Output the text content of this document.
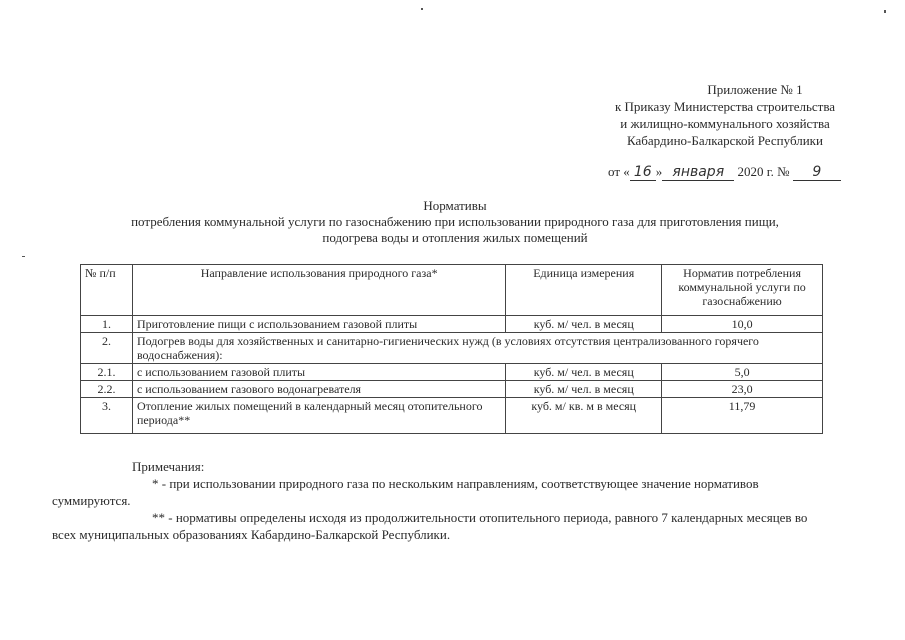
Приложение № 1
к Приказу Министерства строительства
и жилищно-коммунального хозяйства
Кабардино-Балкарской Республики
от « 16 » января 2020 г. № 9
Нормативы
потребления коммунальной услуги по газоснабжению при использовании природного газа для приготовления пищи,
подогрева воды и отопления жилых помещений
№ п/п	Направление использования природного газа*	Единица измерения	Норматив потребления коммунальной услуги по газоснабжению
1.	Приготовление пищи с использованием газовой плиты	куб. м/ чел. в месяц	10,0
2.	Подогрев воды для хозяйственных и санитарно-гигиенических нужд (в условиях отсутствия централизованного горячего водоснабжения):		
2.1.	с использованием газовой плиты	куб. м/ чел. в месяц	5,0
2.2.	с использованием газового водонагревателя	куб. м/ чел. в месяц	23,0
3.	Отопление жилых помещений в календарный месяц отопительного периода**	куб. м/ кв. м в месяц	11,79

Примечания:

* - при использовании природного газа по нескольким направлениям, соответствующее значение нормативов суммируются.

** - нормативы определены исходя из продолжительности отопительного периода, равного 7 календарных месяцев во всех муниципальных образованиях Кабардино-Балкарской Республики.
